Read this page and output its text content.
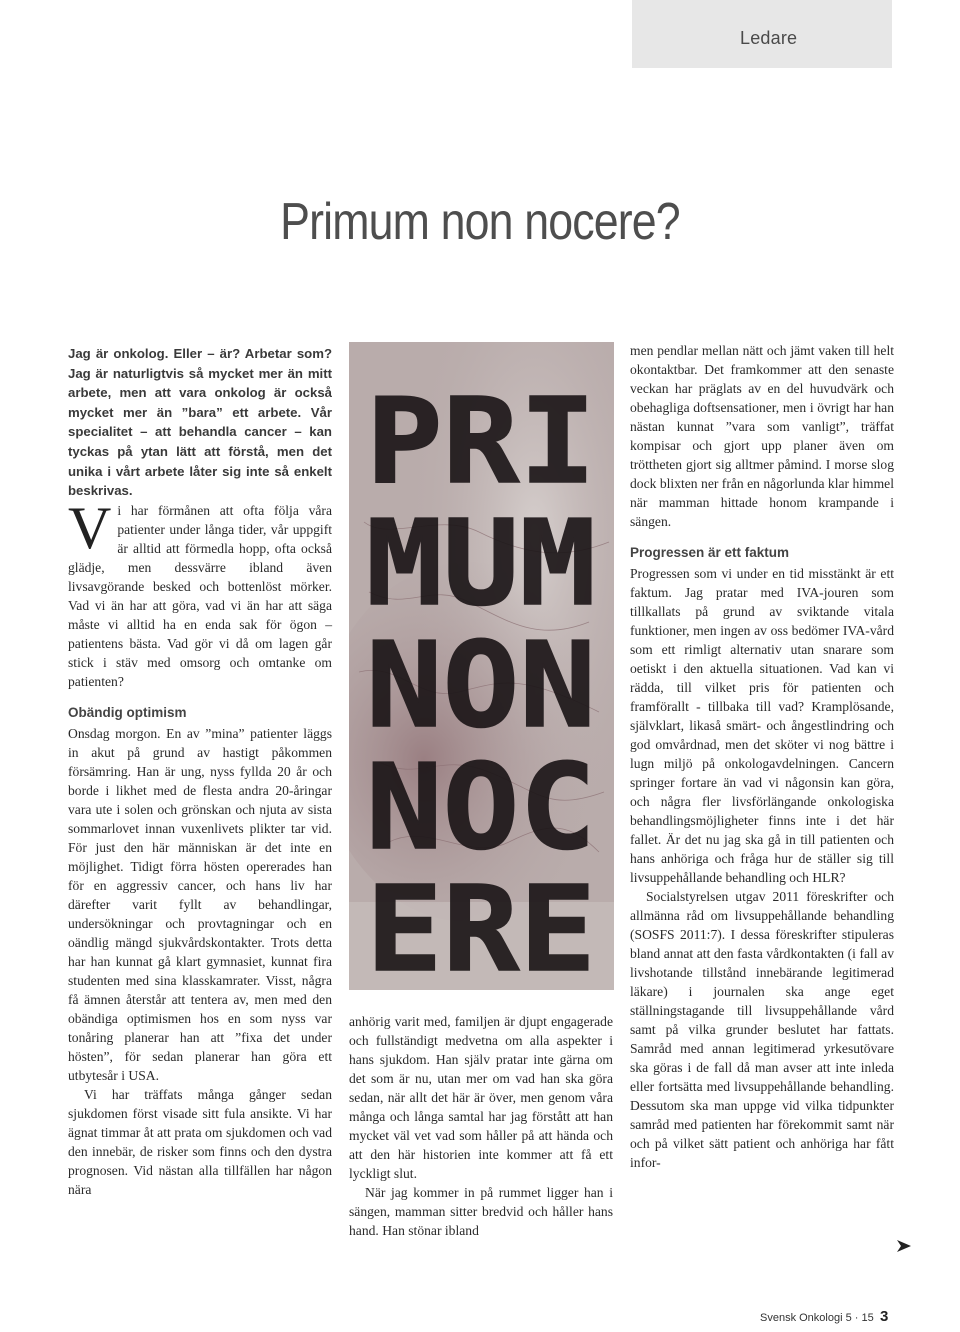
Ledare
Primum non nocere?

Jag är onkolog. Eller – är? Arbetar som? Jag är naturligtvis så mycket mer än mitt arbete, men att vara onkolog är också mycket mer än ”bara” ett arbete. Vår specialitet – att behandla cancer – kan tyckas på ytan lätt att förstå, men det unika i vårt arbete låter sig inte så enkelt beskrivas.

Vi har förmånen att ofta följa våra patienter under långa tider, vår uppgift är alltid att förmedla hopp, ofta också glädje, men dessvärre ibland även livsavgörande besked och bottenlöst mörker. Vad vi än har att göra, vad vi än har att säga måste vi alltid ha en enda sak för ögon – patientens bästa. Vad gör vi då om lagen går stick i stäv med omsorg och omtanke om patienten?

Obändig optimism

Onsdag morgon. En av ”mina” patienter läggs in akut på grund av hastigt påkommen försämring. Han är ung, nyss fyllda 20 år och borde i likhet med de flesta andra 20-åringar vara ute i solen och grönskan och njuta av sista sommarlovet innan vuxenlivets plikter tar vid. För just den här människan är det inte en möjlighet. Tidigt förra hösten opererades han för en aggressiv cancer, och hans liv har därefter varit fyllt av behandlingar, undersökningar och provtagningar och en oändlig mängd sjukvårdskontakter. Trots detta har han kunnat gå klart gymnasiet, kunnat fira studenten med sina klasskamrater. Visst, några få ämnen återstår att tentera av, men med den obändiga optimismen hos en som nyss var tonåring planerar han att ”fixa det under hösten”, för sedan planerar han göra ett utbytesår i USA.

Vi har träffats många gånger sedan sjukdomen först visade sitt fula ansikte. Vi har ägnat timmar åt att prata om sjukdomen och vad den innebär, de risker som finns och den dystra prognosen. Vid nästan alla tillfällen har någon nära

PRI
MUM
NON
NOC
ERE

anhörig varit med, familjen är djupt engagerade och fullständigt medvetna om alla aspekter i hans sjukdom. Han själv pratar inte gärna om det som är nu, utan mer om vad han ska göra sedan, när allt det här är över, men genom våra många och långa samtal har jag förstått att han mycket väl vet vad som håller på att hända och att den här historien inte kommer att få ett lyckligt slut.

När jag kommer in på rummet ligger han i sängen, mamman sitter bredvid och håller hans hand. Han stönar ibland

men pendlar mellan nätt och jämt vaken till helt okontaktbar. Det framkommer att den senaste veckan har präglats av en del huvudvärk och obehagliga doftsensationer, men i övrigt har han nästan kunnat ”vara som vanligt”, träffat kompisar och gjort upp planer även om tröttheten gjort sig alltmer påmind. I morse slog dock blixten ner från en någorlunda klar himmel när mamman hittade honom krampande i sängen.

Progressen är ett faktum

Progressen som vi under en tid misstänkt är ett faktum. Jag pratar med IVA-jouren som tillkallats på grund av sviktande vitala funktioner, men ingen av oss bedömer IVA-vård som ett rimligt alternativ utan snarare som oetiskt i den aktuella situationen. Vad kan vi rädda, till vilket pris för patienten och framförallt - tillbaka till vad? Kramplösande, självklart, likaså smärt- och ångestlindring och god omvårdnad, men det sköter vi nog bättre i lugn miljö på onkologavdelningen. Cancern springer fortare än vad vi någonsin kan göra, och några fler livsförlängande onkologiska behandlingsmöjligheter finns inte i det här fallet. Är det nu jag ska gå in till patienten och hans anhöriga och fråga hur de ställer sig till livsuppehållande behandling och HLR?

Socialstyrelsen utgav 2011 föreskrifter och allmänna råd om livsuppehållande behandling (SOSFS 2011:7). I dessa föreskrifter stipuleras bland annat att den fasta vårdkontakten (i fall av livshotande tillstånd innebärande legitimerad läkare) i journalen ska ange eget ställningstagande till livsuppehållande vård samt på vilka grunder beslutet har fattats. Samråd med annan legitimerad yrkesutövare ska göras i de fall då man avser att inte inleda eller fortsätta med livsuppehållande behandling. Dessutom ska man uppge vid vilka tidpunkter samråd med patienten har förekommit samt när och på vilket sätt patient och anhöriga har fått infor-

Svensk Onkologi 5 · 15 3
